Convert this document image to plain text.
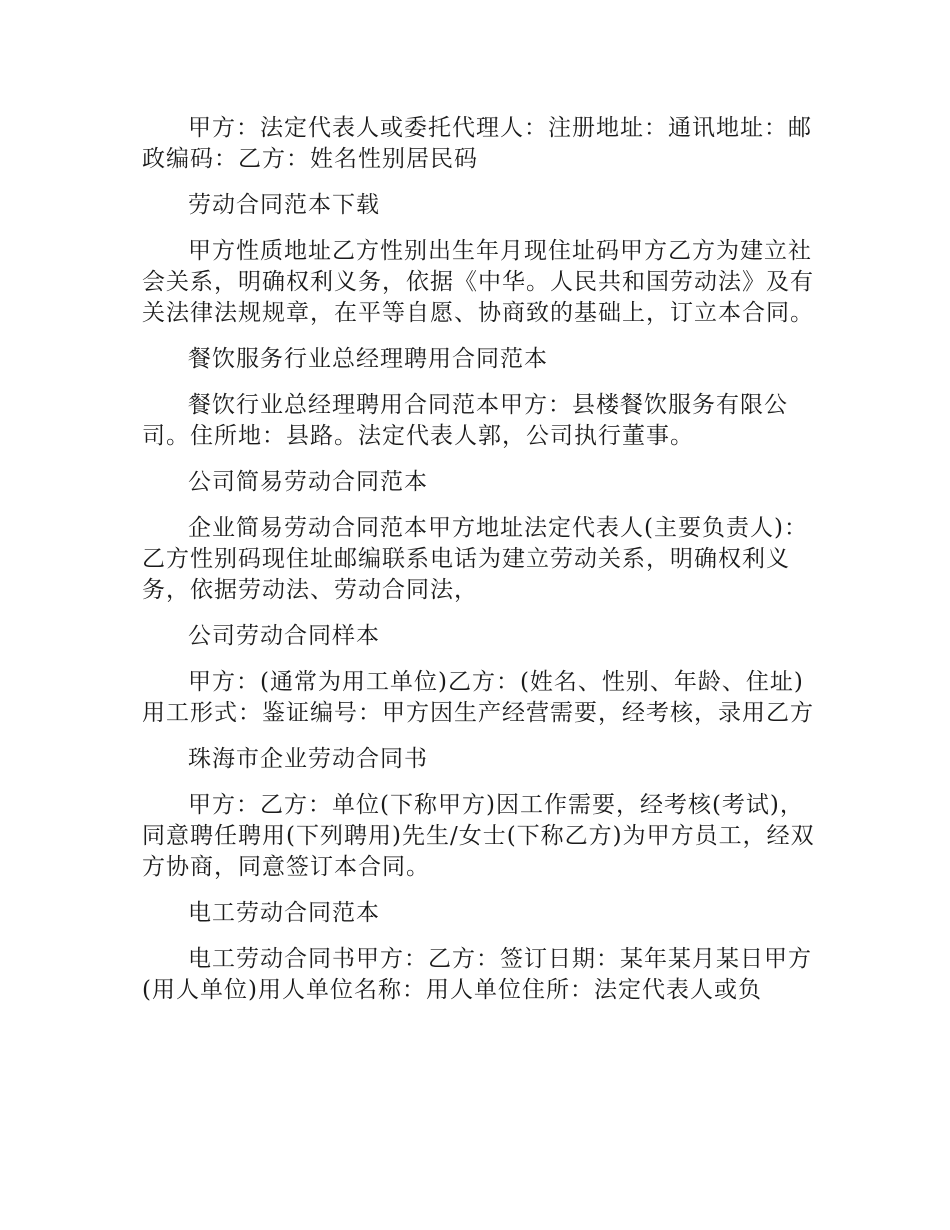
甲方：法定代表人或委托代理人：注册地址：通讯地址：邮政编码：乙方：姓名性别居民码

劳动合同范本下载

甲方性质地址乙方性别出生年月现住址码甲方乙方为建立社会关系，明确权利义务，依据《中华。人民共和国劳动法》及有关法律法规规章，在平等自愿、协商致的基础上，订立本合同。

餐饮服务行业总经理聘用合同范本

餐饮行业总经理聘用合同范本甲方：县楼餐饮服务有限公司。住所地：县路。法定代表人郭，公司执行董事。

公司简易劳动合同范本

企业简易劳动合同范本甲方地址法定代表人(主要负责人)：乙方性别码现住址邮编联系电话为建立劳动关系，明确权利义务，依据劳动法、劳动合同法，

公司劳动合同样本

甲方：(通常为用工单位)乙方：(姓名、性别、年龄、住址)用工形式：鉴证编号：甲方因生产经营需要，经考核，录用乙方

珠海市企业劳动合同书

甲方：乙方：单位(下称甲方)因工作需要，经考核(考试)，同意聘任聘用(下列聘用)先生/女士(下称乙方)为甲方员工，经双方协商，同意签订本合同。

电工劳动合同范本

电工劳动合同书甲方：乙方：签订日期：某年某月某日甲方(用人单位)用人单位名称：用人单位住所：法定代表人或负
